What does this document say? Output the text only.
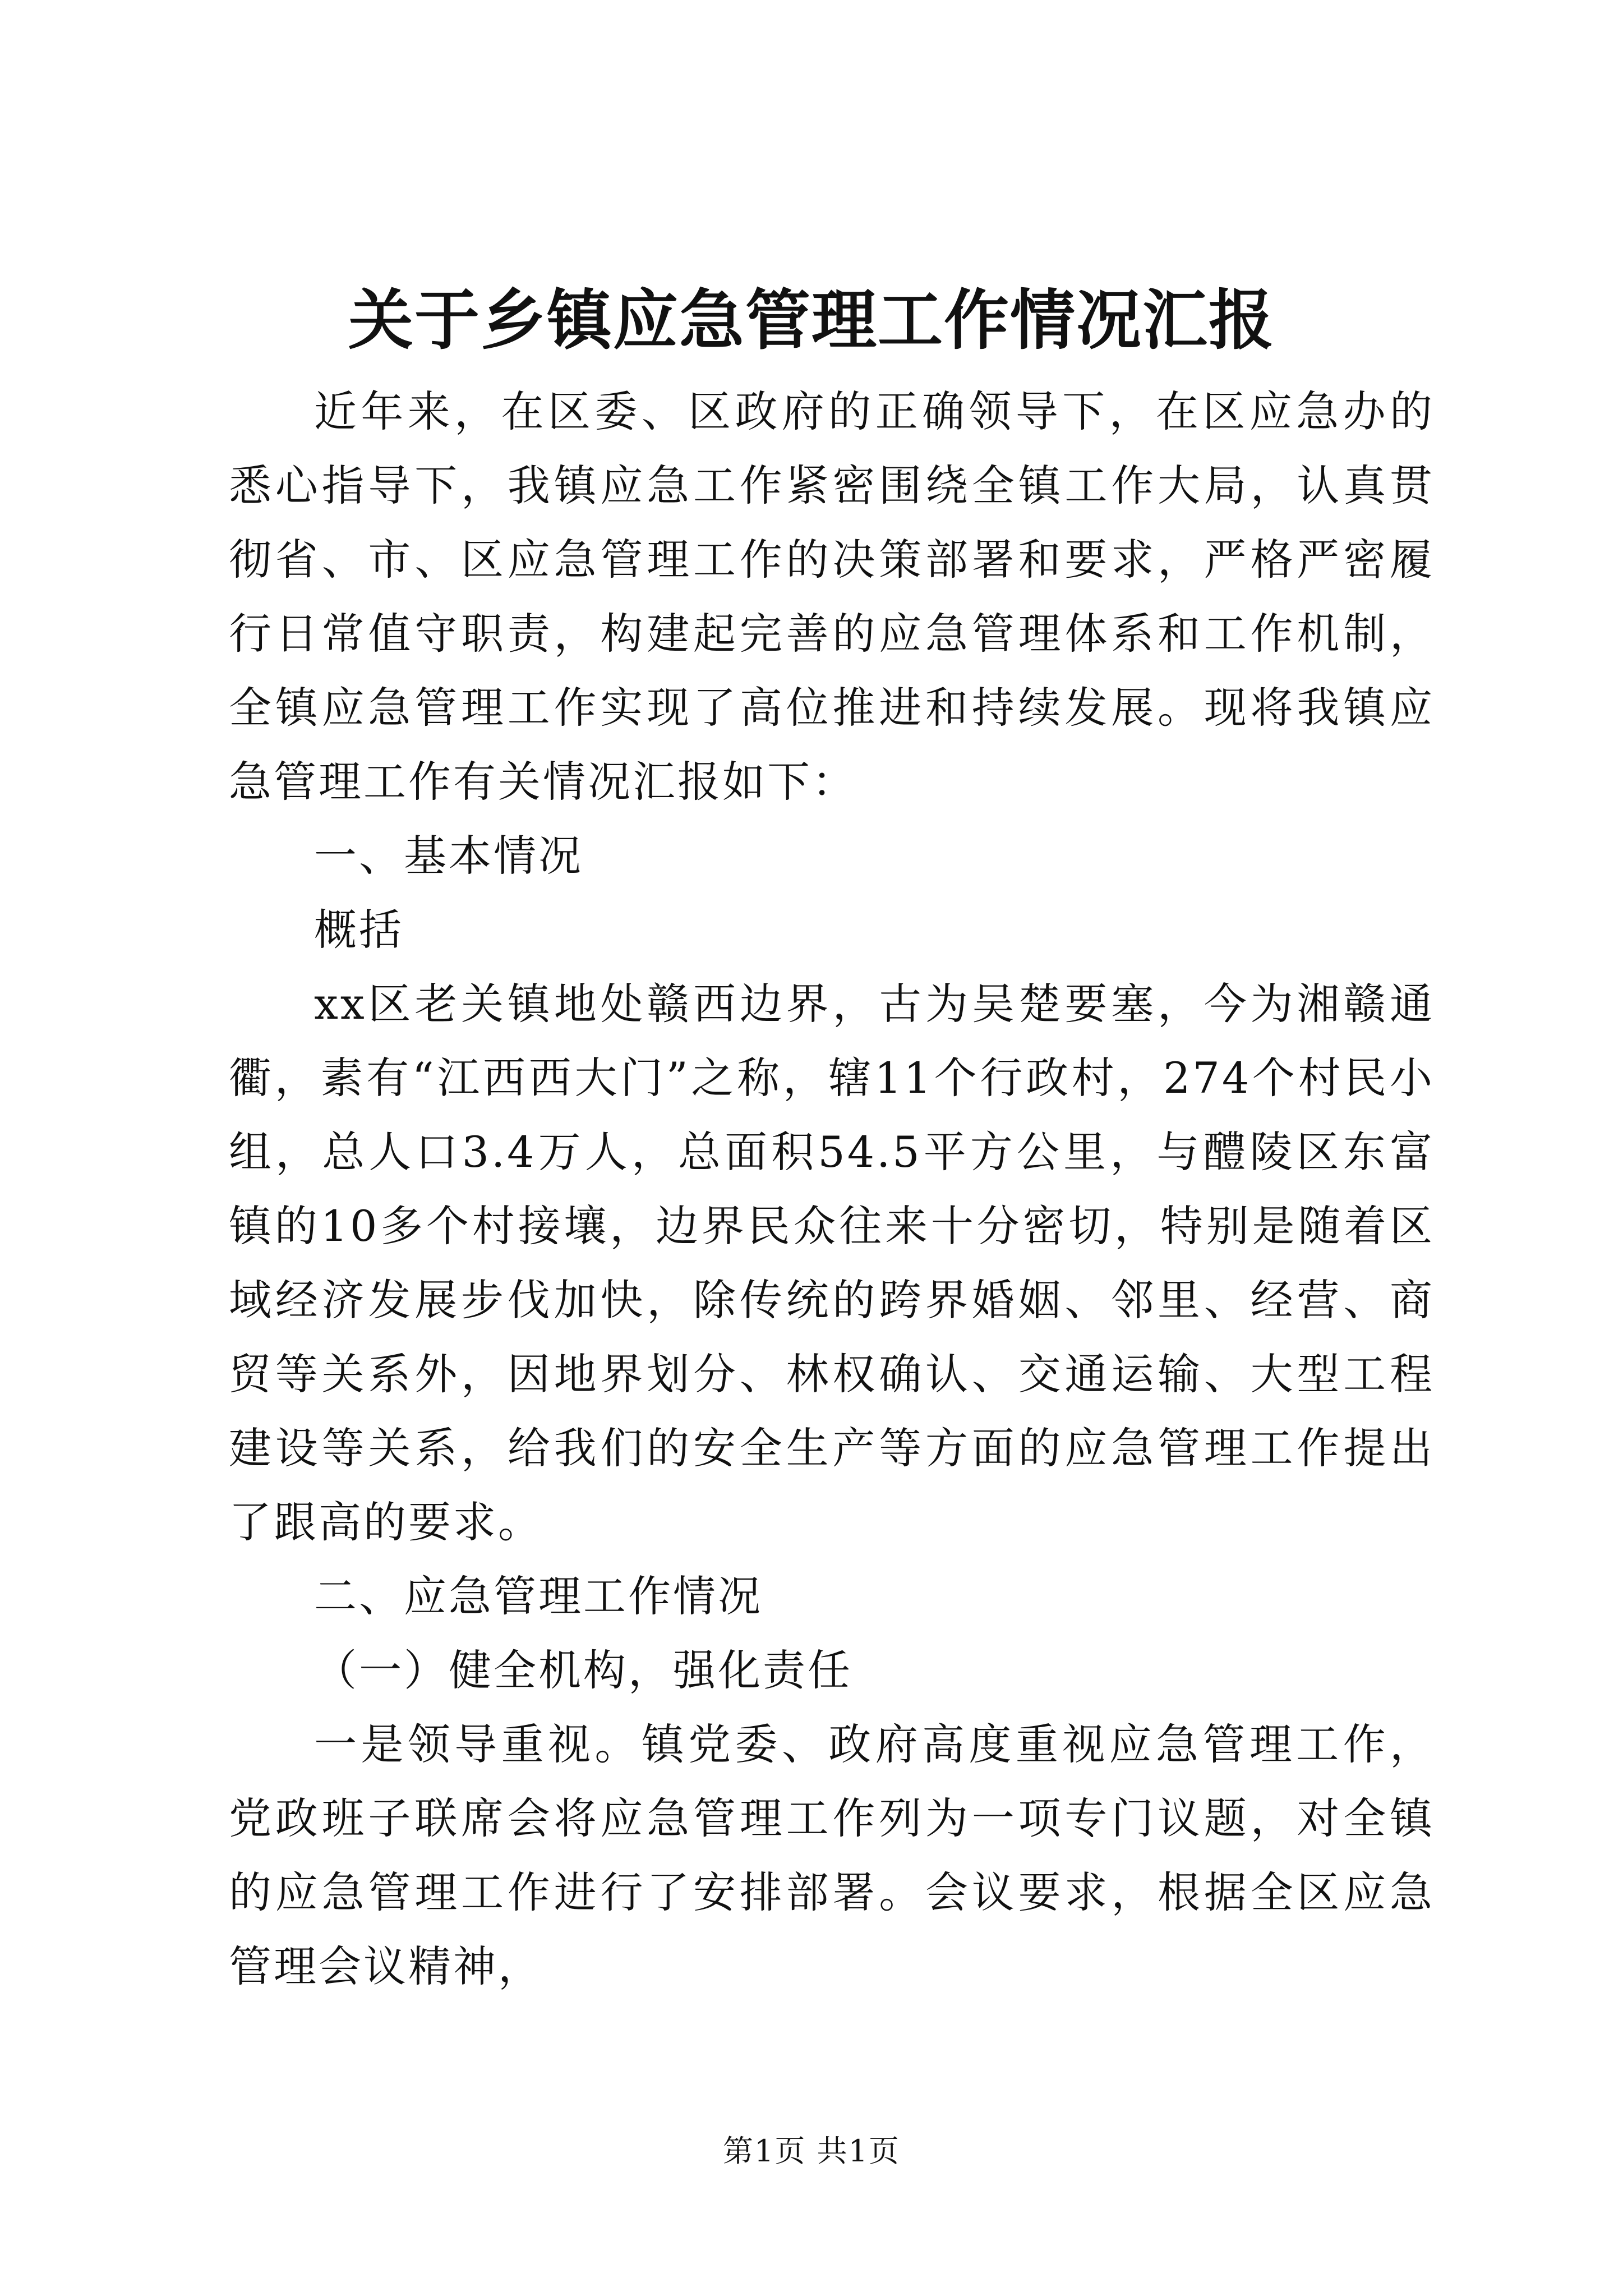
关于乡镇应急管理工作情况汇报

近年来，在区委、区政府的正确领导下，在区应急办的悉心指导下，我镇应急工作紧密围绕全镇工作大局，认真贯彻省、市、区应急管理工作的决策部署和要求，严格严密履行日常值守职责，构建起完善的应急管理体系和工作机制，全镇应急管理工作实现了高位推进和持续发展。现将我镇应急管理工作有关情况汇报如下：

一、基本情况

概括

xx区老关镇地处赣西边界，古为吴楚要塞，今为湘赣通衢，素有“江西西大门”之称，辖11个行政村，274个村民小组，总人口3.4万人，总面积54.5平方公里，与醴陵区东富镇的10多个村接壤，边界民众往来十分密切，特别是随着区域经济发展步伐加快，除传统的跨界婚姻、邻里、经营、商贸等关系外，因地界划分、林权确认、交通运输、大型工程建设等关系，给我们的安全生产等方面的应急管理工作提出了跟高的要求。

二、应急管理工作情况

（一）健全机构，强化责任

一是领导重视。镇党委、政府高度重视应急管理工作，党政班子联席会将应急管理工作列为一项专门议题，对全镇的应急管理工作进行了安排部署。会议要求，根据全区应急管理会议精神，

第1页 共1页
